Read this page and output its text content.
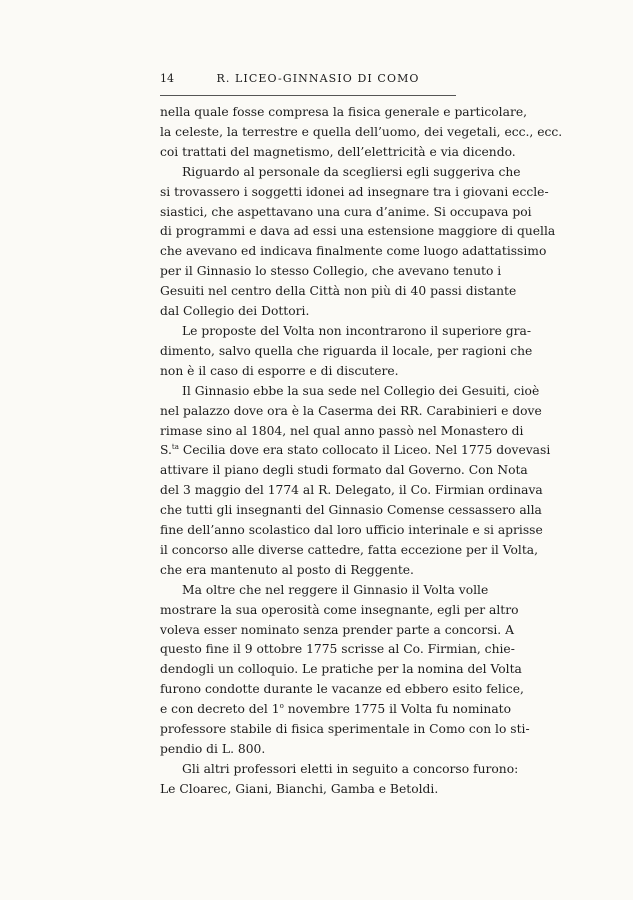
14	R. LICEO-GINNASIO DI COMO
nella quale fosse compresa la fisica generale e particolare,
la celeste, la terrestre e quella dell’uomo, dei vegetali, ecc., ecc.
coi trattati del magnetismo, dell’elettricità e via dicendo.
Riguardo al personale da scegliersi egli suggeriva che
si trovassero i soggetti idonei ad insegnare tra i giovani eccle-
siastici, che aspettavano una cura d’anime. Si occupava poi
di programmi e dava ad essi una estensione maggiore di quella
che avevano ed indicava finalmente come luogo adattatissimo
per il Ginnasio lo stesso Collegio, che avevano tenuto i
Gesuiti nel centro della Città non più di 40 passi distante
dal Collegio dei Dottori.
Le proposte del Volta non incontrarono il superiore gra-
dimento, salvo quella che riguarda il locale, per ragioni che
non è il caso di esporre e di discutere.
Il Ginnasio ebbe la sua sede nel Collegio dei Gesuiti, cioè
nel palazzo dove ora è la Caserma dei RR. Carabinieri e dove
rimase sino al 1804, nel qual anno passò nel Monastero di
S.$^{ta}$ Cecilia dove era stato collocato il Liceo. Nel 1775 dovevasi
attivare il piano degli studi formato dal Governo. Con Nota
del 3 maggio del 1774 al R. Delegato, il Co. Firmian ordinava
che tutti gli insegnanti del Ginnasio Comense cessassero alla
fine dell’anno scolastico dal loro ufficio interinale e si aprisse
il concorso alle diverse cattedre, fatta eccezione per il Volta,
che era mantenuto al posto di Reggente.
Ma oltre che nel reggere il Ginnasio il Volta volle
mostrare la sua operosità come insegnante, egli per altro
voleva esser nominato senza prender parte a concorsi. A
questo fine il 9 ottobre 1775 scrisse al Co. Firmian, chie-
dendogli un colloquio. Le pratiche per la nomina del Volta
furono condotte durante le vacanze ed ebbero esito felice,
e con decreto del 1$^o$ novembre 1775 il Volta fu nominato
professore stabile di fisica sperimentale in Como con lo sti-
pendio di L. 800.
Gli altri professori eletti in seguito a concorso furono:
Le Cloarec, Giani, Bianchi, Gamba e Betoldi.
